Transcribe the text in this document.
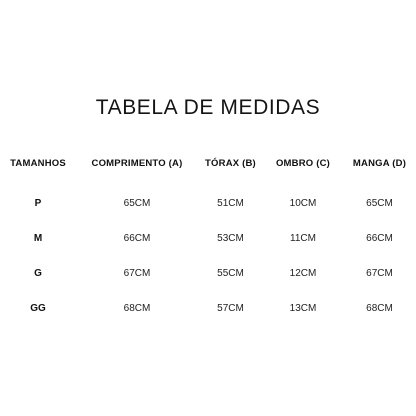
TABELA DE MEDIDAS
TAMANHOS	COMPRIMENTO (A)	TÓRAX (B)	OMBRO (C)	MANGA (D)
P	65CM	51CM	10CM	65CM
M	66CM	53CM	11CM	66CM
G	67CM	55CM	12CM	67CM
GG	68CM	57CM	13CM	68CM
